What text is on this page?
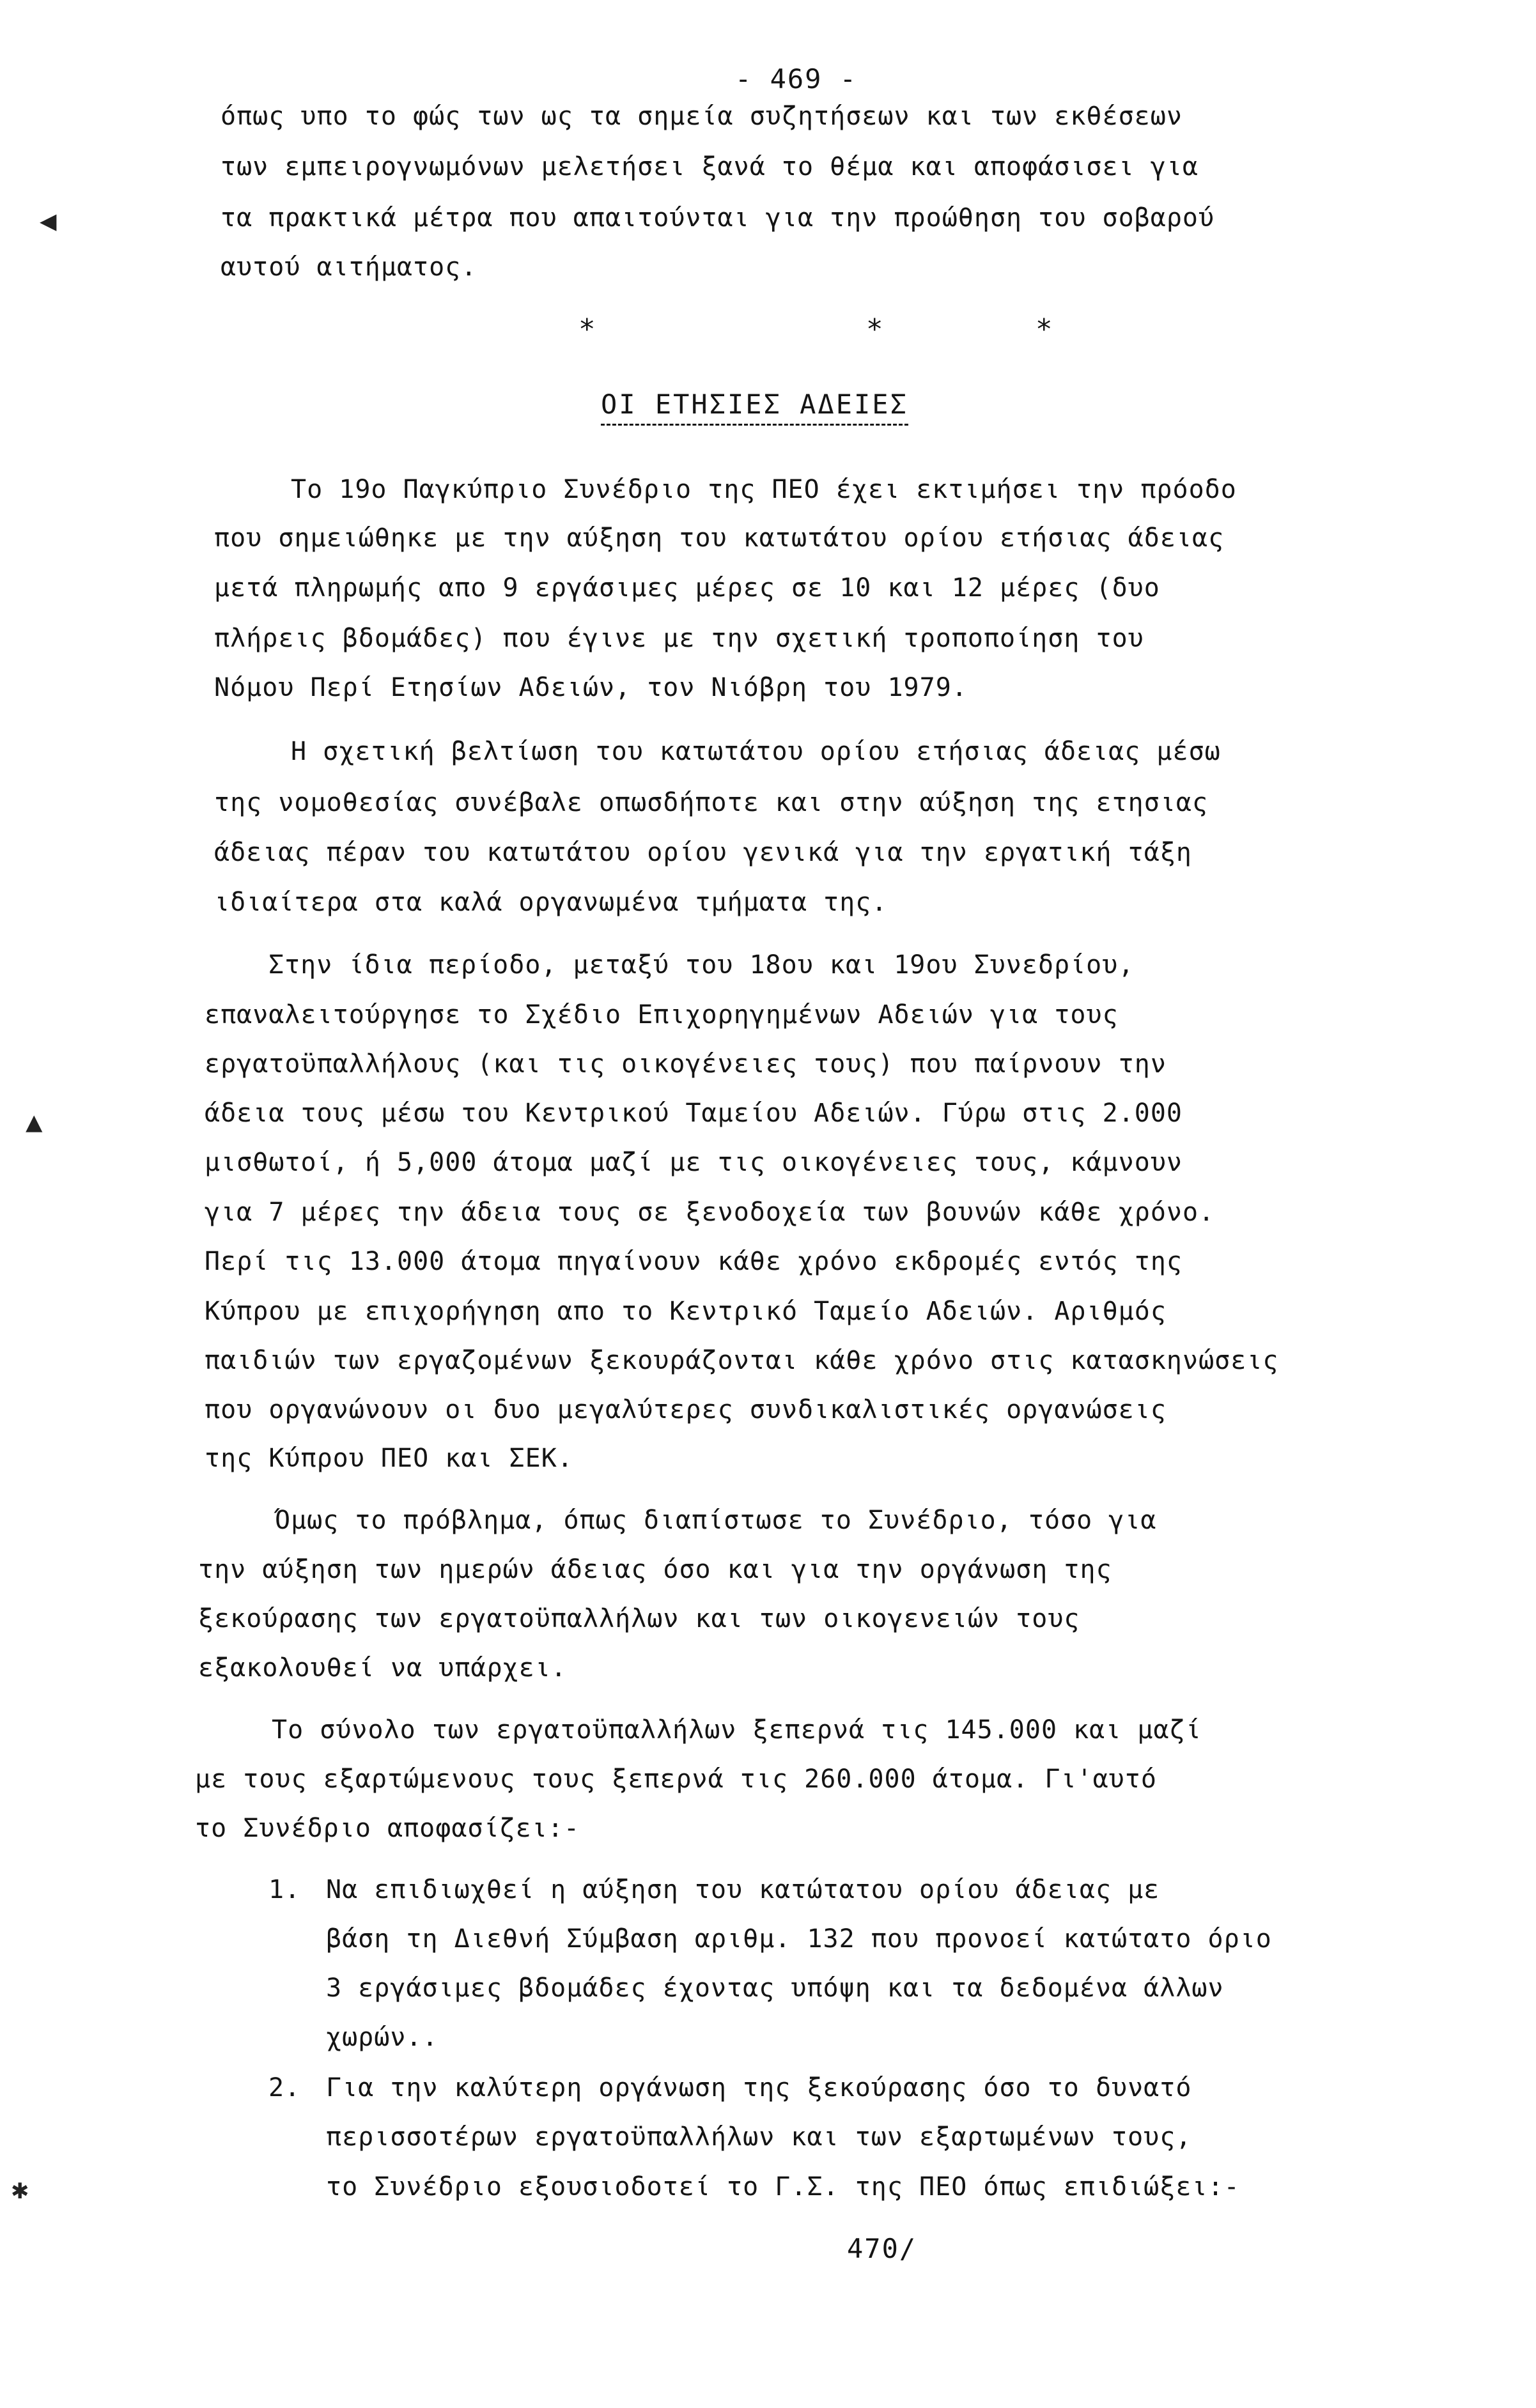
- 469 -
όπως υπο το φώς των ως τα σημεία συζητήσεων και των εκθέσεων
των εμπειρογνωμόνων μελετήσει ξανά το θέμα και αποφάσισει για
τα πρακτικά μέτρα που απαιτούνται για την προώθηση του σοβαρού
αυτού αιτήματος.
*	*	*
ΟΙ ΕΤΗΣΙΕΣ ΑΔΕΙΕΣ
Το 19ο Παγκύπριο Συνέδριο της ΠΕΟ έχει εκτιμήσει την πρόοδο
που σημειώθηκε με την αύξηση του κατωτάτου ορίου ετήσιας άδειας
μετά πληρωμής απο 9 εργάσιμες μέρες σε 10 και 12 μέρες (δυο
πλήρεις βδομάδες) που έγινε με την σχετική τροποποίηση του
Νόμου Περί Ετησίων Αδειών, τον Νιόβρη του 1979.
Η σχετική βελτίωση του κατωτάτου ορίου ετήσιας άδειας μέσω
της νομοθεσίας συνέβαλε οπωσδήποτε και στην αύξηση της ετησιας
άδειας πέραν του κατωτάτου ορίου γενικά για την εργατική τάξη
ιδιαίτερα στα καλά οργανωμένα τμήματα της.
Στην ίδια περίοδο, μεταξύ του 18ου και 19ου Συνεδρίου,
επαναλειτούργησε το Σχέδιο Επιχορηγημένων Αδειών για τους
εργατοϋπαλλήλους (και τις οικογένειες τους) που παίρνουν την
άδεια τους μέσω του Κεντρικού Ταμείου Αδειών. Γύρω στις 2.000
μισθωτοί, ή 5,000 άτομα μαζί με τις οικογένειες τους, κάμνουν
για 7 μέρες την άδεια τους σε ξενοδοχεία των βουνών κάθε χρόνο.
Περί τις 13.000 άτομα πηγαίνουν κάθε χρόνο εκδρομές εντός της
Κύπρου με επιχορήγηση απο το Κεντρικό Ταμείο Αδειών. Αριθμός
παιδιών των εργαζομένων ξεκουράζονται κάθε χρόνο στις κατασκηνώσεις
που οργανώνουν οι δυο μεγαλύτερες συνδικαλιστικές οργανώσεις
της Κύπρου ΠΕΟ και ΣΕΚ.
Όμως το πρόβλημα, όπως διαπίστωσε το Συνέδριο, τόσο για
την αύξηση των ημερών άδειας όσο και για την οργάνωση της
ξεκούρασης των εργατοϋπαλλήλων και των οικογενειών τους
εξακολουθεί να υπάρχει.
Το σύνολο των εργατοϋπαλλήλων ξεπερνά τις 145.000 και μαζί
με τους εξαρτώμενους τους ξεπερνά τις 260.000 άτομα. Γι'αυτό
το Συνέδριο αποφασίζει:-
1. Να επιδιωχθεί η αύξηση του κατώτατου ορίου άδειας με
βάση τη Διεθνή Σύμβαση αριθμ. 132 που προνοεί κατώτατο όριο
3 εργάσιμες βδομάδες έχοντας υπόψη και τα δεδομένα άλλων
χωρών..
2. Για την καλύτερη οργάνωση της ξεκούρασης όσο το δυνατό
περισσοτέρων εργατοϋπαλλήλων και των εξαρτωμένων τους,
το Συνέδριο εξουσιοδοτεί το Γ.Σ. της ΠΕΟ όπως επιδιώξει:-
470/
◀
▲
✱
